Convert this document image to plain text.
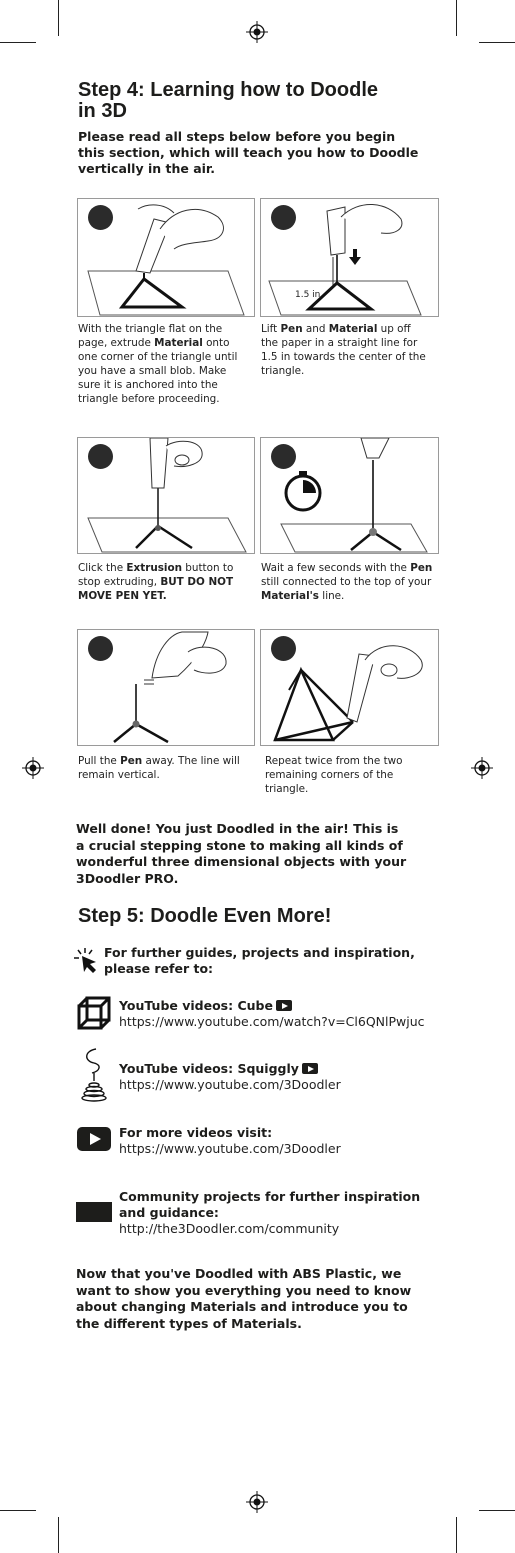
Step 4: Learning how to Doodle
in 3D
Please read all steps below before you begin
this section, which will teach you how to Doodle
vertically in the air.
1.5 in
With the triangle flat on the
page, extrude Material onto
one corner of the triangle until
you have a small blob. Make
sure it is anchored into the
triangle before proceeding.
Lift Pen and Material up off
the paper in a straight line for
1.5 in towards the center of the
triangle.
Click the Extrusion button to
stop extruding, BUT DO NOT
MOVE PEN YET.
Wait a few seconds with the Pen
still connected to the top of your
Material's line.
Pull the Pen away. The line will
remain vertical.
Repeat twice from the two
remaining corners of the
triangle.
Well done! You just Doodled in the air! This is
a crucial stepping stone to making all kinds of
wonderful three dimensional objects with your
3Doodler PRO.
Step 5: Doodle Even More!
For further guides, projects and inspiration,
please refer to:
YouTube videos: Cube
https://www.youtube.com/watch?v=Cl6QNlPwjuc
YouTube videos: Squiggly
https://www.youtube.com/3Doodler
For more videos visit:
https://www.youtube.com/3Doodler
Community projects for further inspiration
and guidance:
http://the3Doodler.com/community
Now that you've Doodled with ABS Plastic, we
want to show you everything you need to know
about changing Materials and introduce you to
the different types of Materials.
